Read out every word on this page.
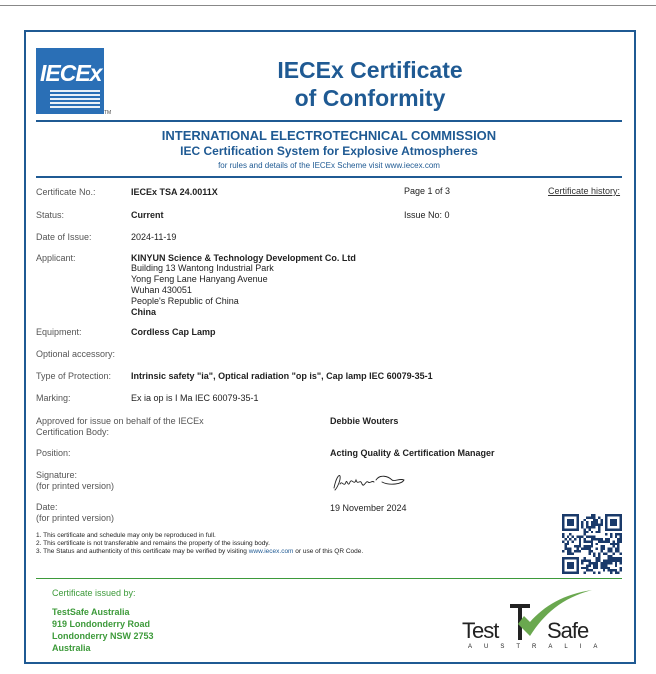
IECEx
TM
IECEx Certificate
of Conformity
INTERNATIONAL ELECTROTECHNICAL COMMISSION
IEC Certification System for Explosive Atmospheres
for rules and details of the IECEx Scheme visit www.iecex.com
Certificate No.:	IECEx TSA 24.0011X	Page 1 of 3	Certificate history:
Status:	Current	Issue No: 0
Date of Issue:	2024-11-19
Applicant:	KINYUN Science & Technology Development Co. Ltd
Building 13 Wantong Industrial Park
Yong Feng Lane Hanyang Avenue
Wuhan 430051
People's Republic of China
China
Equipment:	Cordless Cap Lamp
Optional accessory:
Type of Protection: Intrinsic safety "ia", Optical radiation "op is", Cap lamp IEC 60079-35-1
Marking:	Ex ia op is I Ma IEC 60079-35-1
Approved for issue on behalf of the IECEx
Certification Body:
Debbie Wouters
Position:	Acting Quality & Certification Manager
Signature:
(for printed version)
Date:
(for printed version)
19 November 2024
1. This certificate and schedule may only be reproduced in full.
2. This certificate is not transferable and remains the property of the issuing body.
3. The Status and authenticity of this certificate may be verified by visiting www.iecex.com or use of this QR Code.
Certificate issued by:
TestSafe Australia
919 Londonderry Road
Londonderry NSW 2753
Australia
Test Safe
AUSTRALIA
